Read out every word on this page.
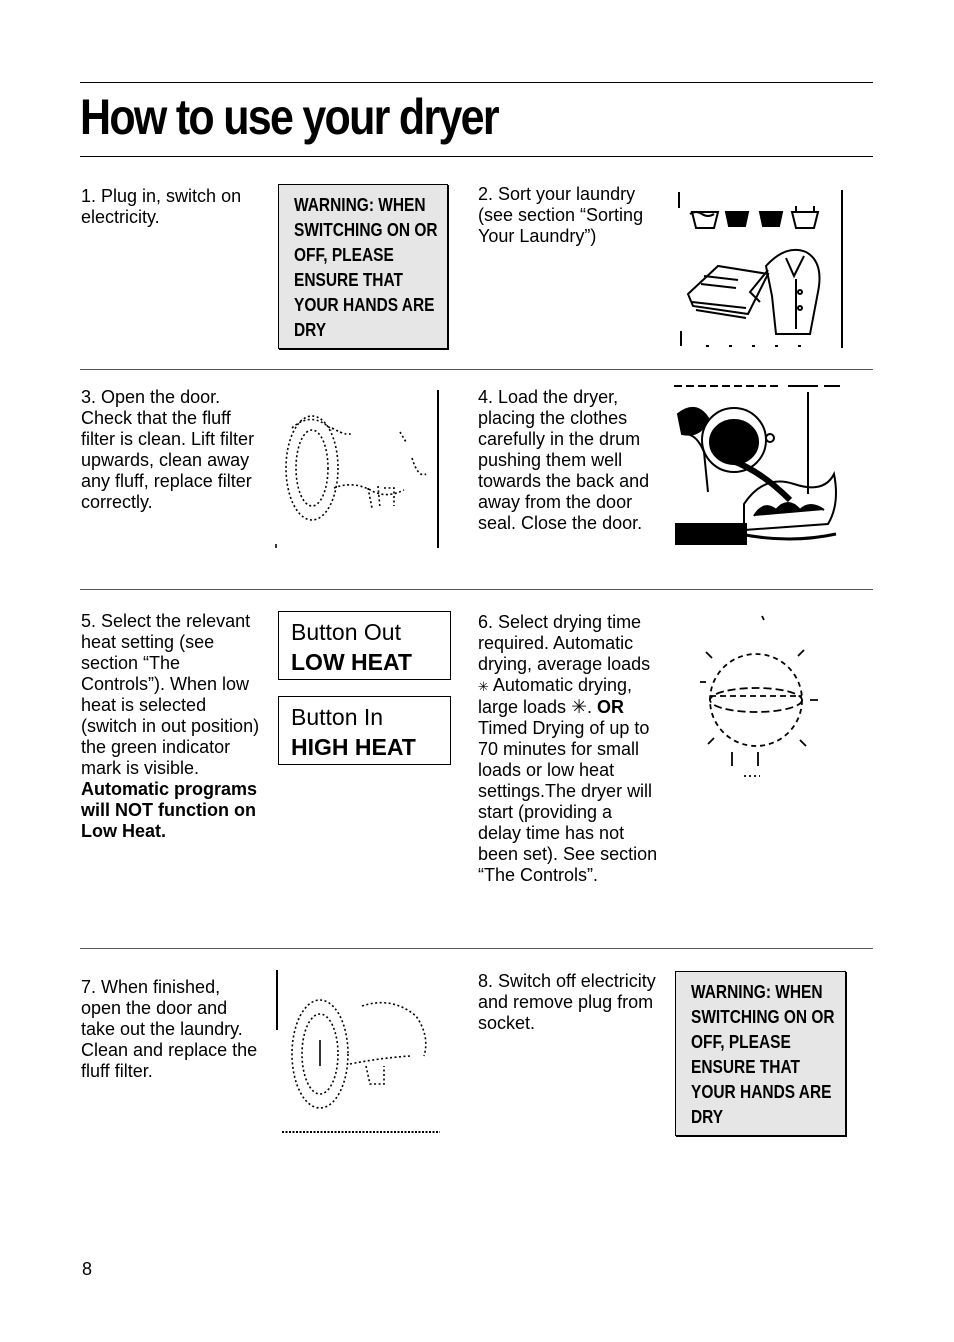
How to use your dryer

1. Plug in, switch on electricity.

WARNING: WHEN
SWITCHING ON OR
OFF, PLEASE
ENSURE THAT
YOUR HANDS ARE
DRY

2. Sort your laundry (see section “Sorting Your Laundry”)

3. Open the door. Check that the fluff filter is clean. Lift filter upwards, clean away any fluff, replace filter correctly.

4. Load the dryer, placing the clothes carefully in the drum pushing them well towards the back and away from the door seal. Close the door.

5. Select the relevant heat setting (see section “The Controls”). When low heat is selected (switch in out position) the green indicator mark is visible. Automatic programs will NOT function on Low Heat.

Button Out
LOW HEAT
Button In
HIGH HEAT

6. Select drying time required. Automatic drying, average loads ✳ Automatic drying, large loads ✳. OR Timed Drying of up to 70 minutes for small loads or low heat settings.The dryer will start (providing a delay time has not been set). See section “The Controls”.

7. When finished, open the door and take out the laundry. Clean and replace the fluff filter.

8. Switch off electricity and remove plug from socket.

WARNING: WHEN
SWITCHING ON OR
OFF, PLEASE
ENSURE THAT
YOUR HANDS ARE
DRY
8
